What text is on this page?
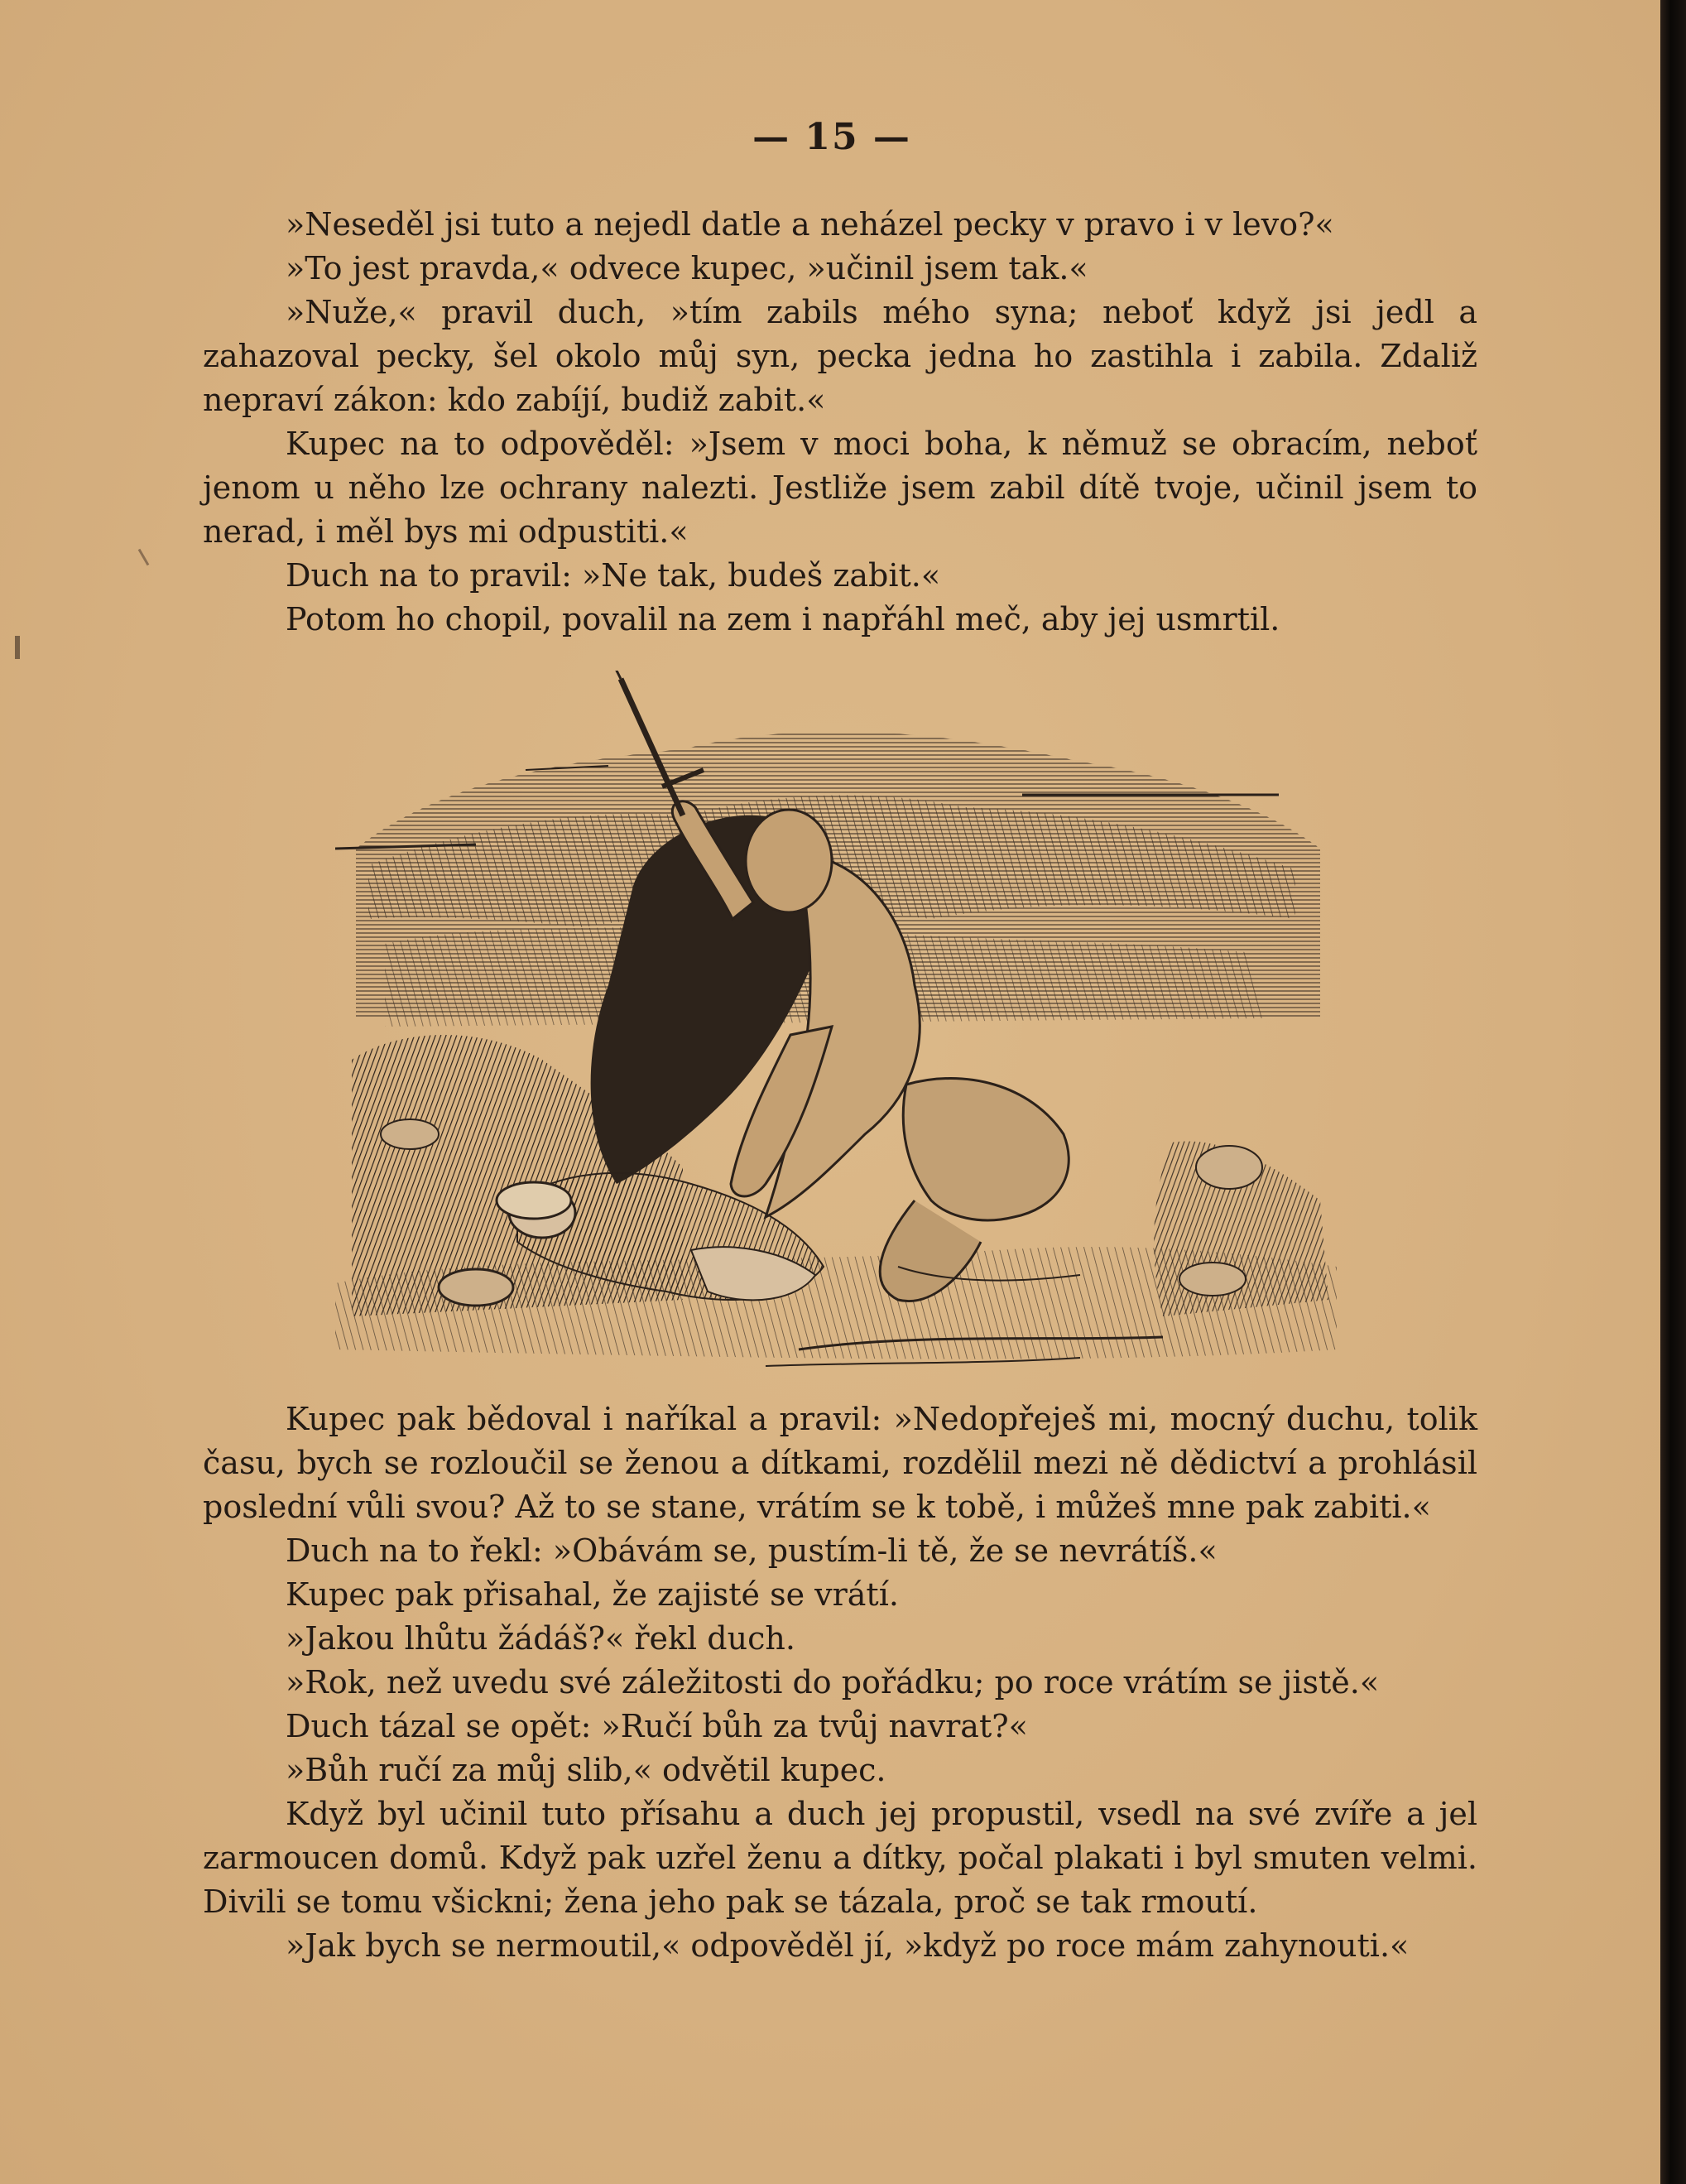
— 15 —

»Neseděl jsi tuto a nejedl datle a neházel pecky v pravo i v levo?«

»To jest pravda,« odvece kupec, »učinil jsem tak.«

»Nuže,« pravil duch, »tím zabils mého syna; neboť když jsi jedl a zahazoval pecky, šel okolo můj syn, pecka jedna ho zastihla i zabila. Zdaliž nepraví zákon: kdo zabíjí, budiž zabit.«

Kupec na to odpověděl: »Jsem v moci boha, k němuž se obracím, neboť jenom u něho lze ochrany nalezti. Jestliže jsem zabil dítě tvoje, učinil jsem to nerad, i měl bys mi odpustiti.«

Duch na to pravil: »Ne tak, budeš zabit.«

Potom ho chopil, povalil na zem i napřáhl meč, aby jej usmrtil.

Kupec pak bědoval i naříkal a pravil: »Nedopřeješ mi, mocný duchu, tolik času, bych se rozloučil se ženou a dítkami, rozdělil mezi ně dědictví a prohlásil poslední vůli svou? Až to se stane, vrátím se k tobě, i můžeš mne pak zabiti.«

Duch na to řekl: »Obávám se, pustím-li tě, že se nevrátíš.«

Kupec pak přisahal, že zajisté se vrátí.

»Jakou lhůtu žádáš?« řekl duch.

»Rok, než uvedu své záležitosti do pořádku; po roce vrátím se jistě.«

Duch tázal se opět: »Ručí bůh za tvůj navrat?«

»Bůh ručí za můj slib,« odvětil kupec.

Když byl učinil tuto přísahu a duch jej propustil, vsedl na své zvíře a jel zarmoucen domů. Když pak uzřel ženu a dítky, počal plakati i byl smuten velmi. Divili se tomu všickni; žena jeho pak se tázala, proč se tak rmoutí.

»Jak bych se nermoutil,« odpověděl jí, »když po roce mám zahynouti.«
